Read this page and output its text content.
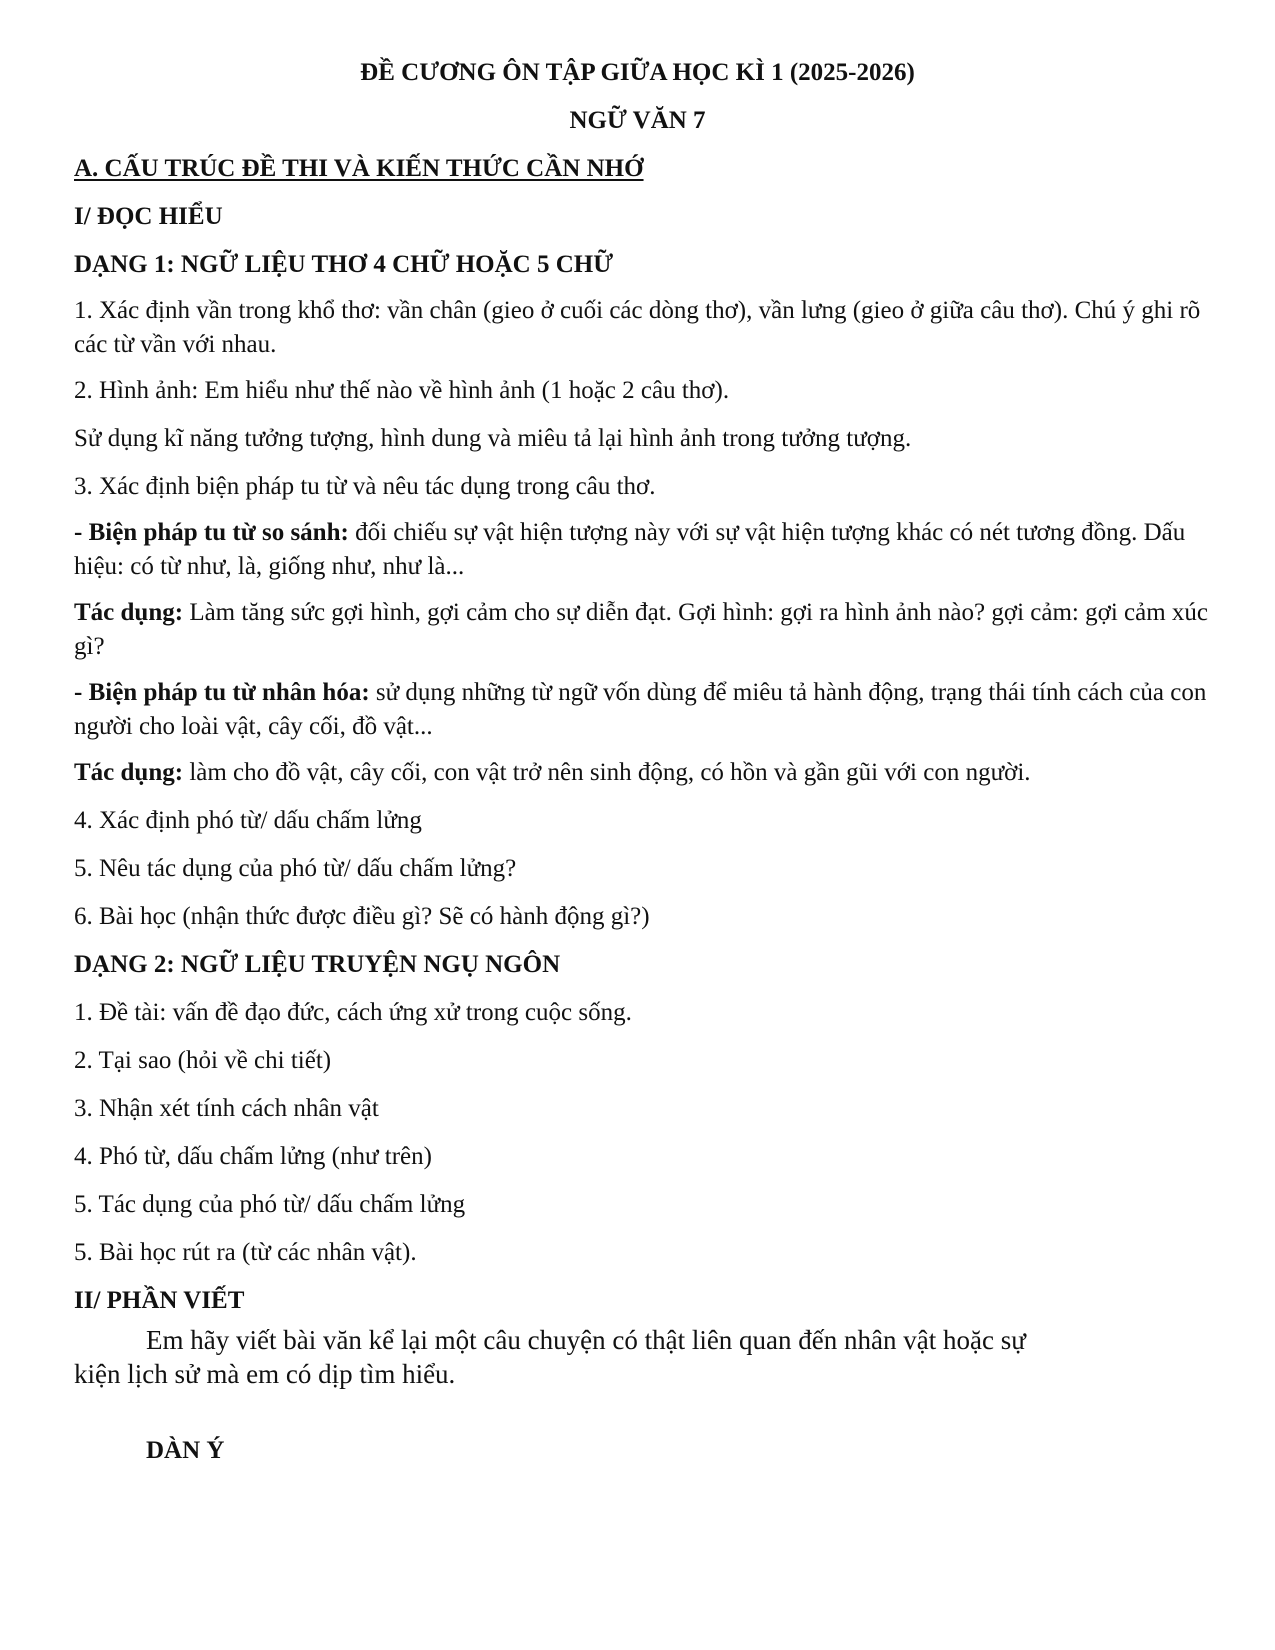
ĐỀ CƯƠNG ÔN TẬP GIỮA HỌC KÌ 1 (2025-2026)
NGỮ VĂN 7
A. CẤU TRÚC ĐỀ THI VÀ KIẾN THỨC CẦN NHỚ
I/ ĐỌC HIỂU
DẠNG 1: NGỮ LIỆU THƠ 4 CHỮ HOẶC 5 CHỮ
1. Xác định vần trong khổ thơ: vần chân (gieo ở cuối các dòng thơ), vần lưng (gieo ở giữa câu thơ). Chú ý ghi rõ các từ vần với nhau.
2. Hình ảnh: Em hiểu như thế nào về hình ảnh (1 hoặc 2 câu thơ).
Sử dụng kĩ năng tưởng tượng, hình dung và miêu tả lại hình ảnh trong tưởng tượng.
3. Xác định biện pháp tu từ và nêu tác dụng trong câu thơ.
- Biện pháp tu từ so sánh: đối chiếu sự vật hiện tượng này với sự vật hiện tượng khác có nét tương đồng. Dấu hiệu: có từ như, là, giống như, như là...
Tác dụng: Làm tăng sức gợi hình, gợi cảm cho sự diễn đạt. Gợi hình: gợi ra hình ảnh nào? gợi cảm: gợi cảm xúc gì?
- Biện pháp tu từ nhân hóa: sử dụng những từ ngữ vốn dùng để miêu tả hành động, trạng thái tính cách của con người cho loài vật, cây cối, đồ vật...
Tác dụng: làm cho đồ vật, cây cối, con vật trở nên sinh động, có hồn và gần gũi với con người.
4. Xác định phó từ/ dấu chấm lửng
5. Nêu tác dụng của phó từ/ dấu chấm lửng?
6. Bài học (nhận thức được điều gì? Sẽ có hành động gì?)
DẠNG 2: NGỮ LIỆU TRUYỆN NGỤ NGÔN
1. Đề tài: vấn đề đạo đức, cách ứng xử trong cuộc sống.
2. Tại sao (hỏi về chi tiết)
3. Nhận xét tính cách nhân vật
4. Phó từ, dấu chấm lửng (như trên)
5. Tác dụng của phó từ/ dấu chấm lửng
5. Bài học rút ra (từ các nhân vật).
II/ PHẦN VIẾT
Em hãy viết bài văn kể lại một câu chuyện có thật liên quan đến nhân vật hoặc sự
kiện lịch sử mà em có dịp tìm hiểu.
DÀN Ý
